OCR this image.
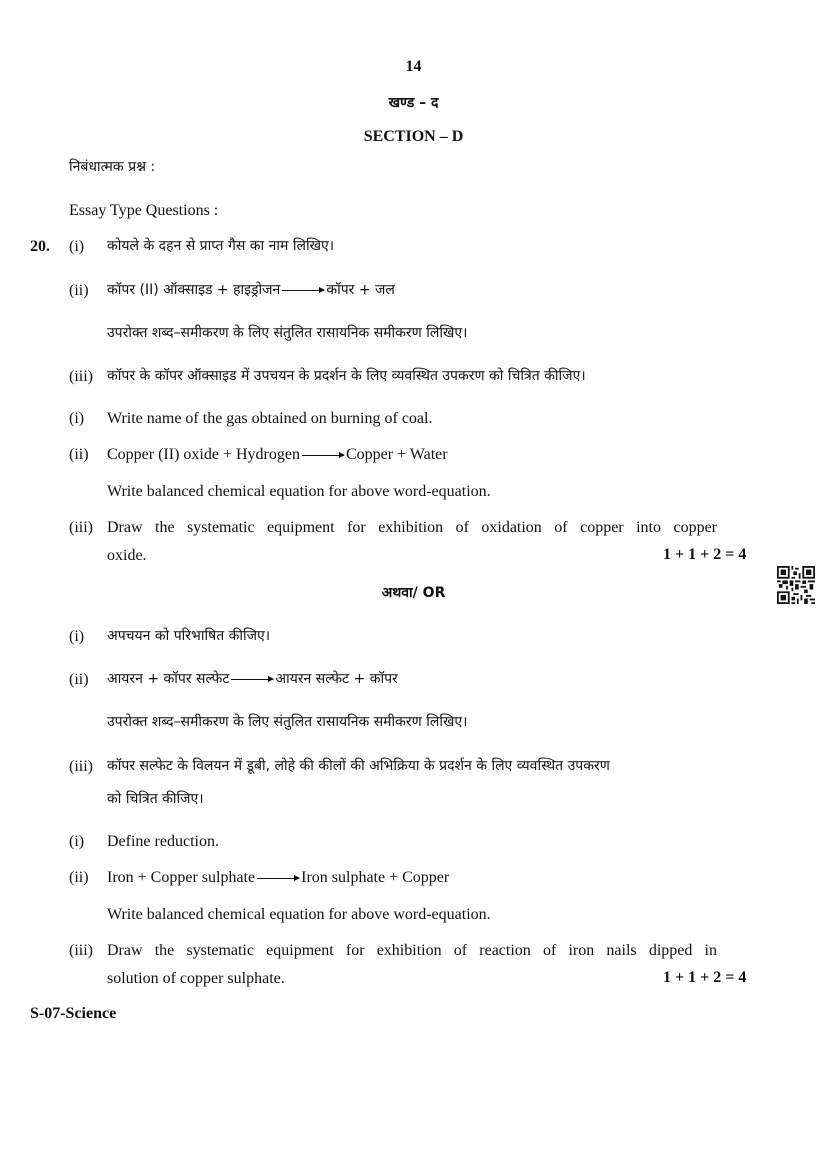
14
खण्ड – द
SECTION – D
निबंधात्मक प्रश्न :
Essay Type Questions :
20. (i) कोयले के दहन से प्राप्त गैस का नाम लिखिए।
(ii) कॉपर (II) ऑक्साइड + हाइड्रोजन → कॉपर + जल
उपरोक्त शब्द–समीकरण के लिए संतुलित रासायनिक समीकरण लिखिए।
(iii) कॉपर के कॉपर ऑक्साइड में उपचयन के प्रदर्शन के लिए व्यवस्थित उपकरण को चित्रित कीजिए।
(i) Write name of the gas obtained on burning of coal.
(ii) Copper (II) oxide + Hydrogen → Copper + Water
Write balanced chemical equation for above word-equation.
(iii) Draw the systematic equipment for exhibition of oxidation of copper into copper
oxide.	1 + 1 + 2 = 4
अथवा/ OR
(i) अपचयन को परिभाषित कीजिए।
(ii) आयरन + कॉपर सल्फेट → आयरन सल्फेट + कॉपर
उपरोक्त शब्द–समीकरण के लिए संतुलित रासायनिक समीकरण लिखिए।
(iii) कॉपर सल्फेट के विलयन में डूबी, लोहे की कीलों की अभिक्रिया के प्रदर्शन के लिए व्यवस्थित उपकरण
को चित्रित कीजिए।
(i) Define reduction.
(ii) Iron + Copper sulphate → Iron sulphate + Copper
Write balanced chemical equation for above word-equation.
(iii) Draw the systematic equipment for exhibition of reaction of iron nails dipped in
solution of copper sulphate.	1 + 1 + 2 = 4
S-07-Science
